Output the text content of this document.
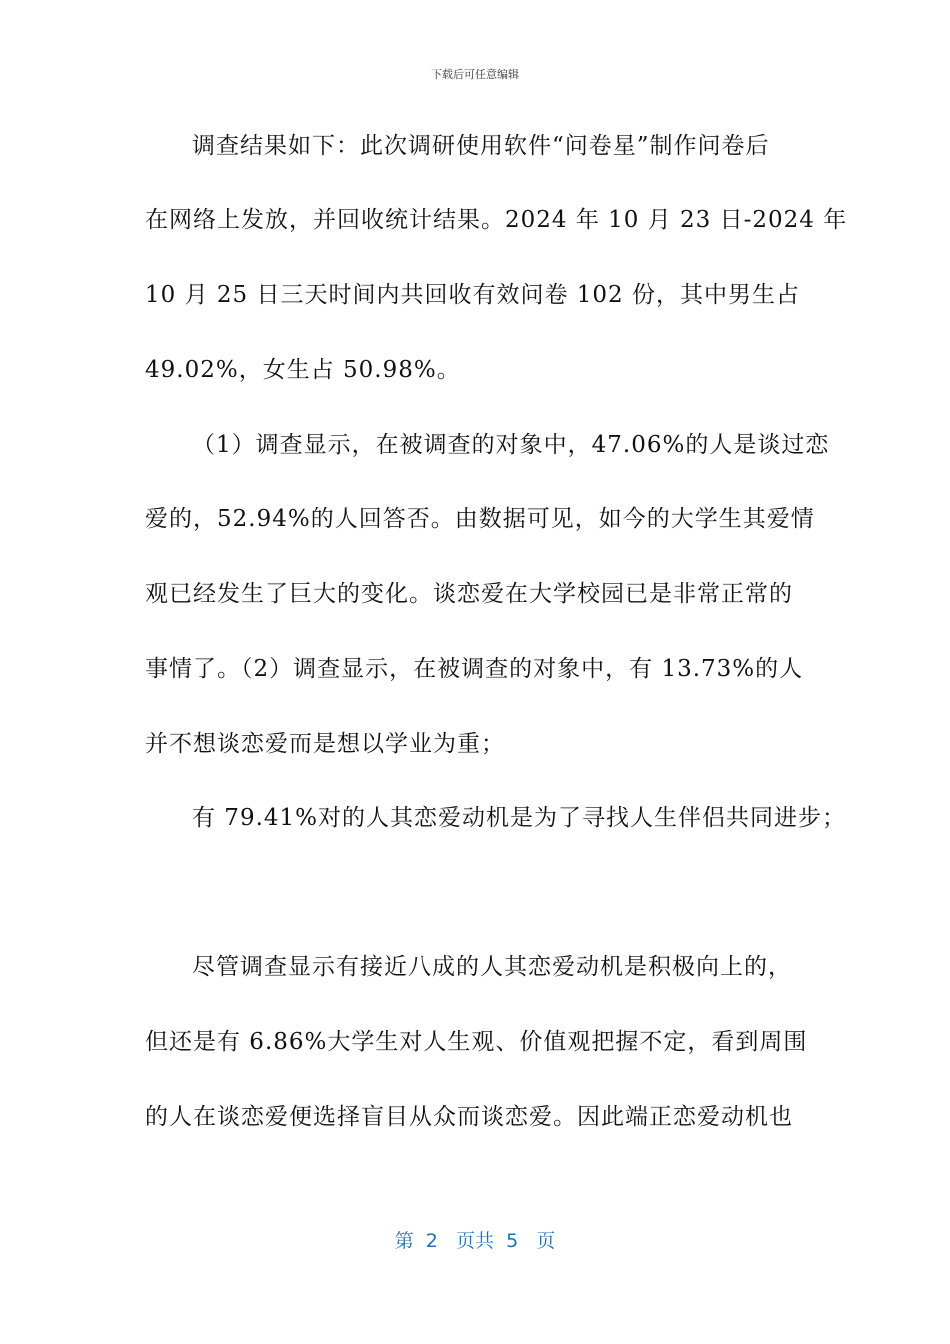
下载后可任意编辑
调查结果如下：此次调研使用软件“问卷星”制作问卷后
在网络上发放，并回收统计结果。2024 年 10 月 23 日-2024 年
10 月 25 日三天时间内共回收有效问卷 102 份，其中男生占
49.02%，女生占 50.98%。
（1）调查显示，在被调查的对象中，47.06%的人是谈过恋
爱的，52.94%的人回答否。由数据可见，如今的大学生其爱情
观已经发生了巨大的变化。谈恋爱在大学校园已是非常正常的
事情了。（2）调查显示，在被调查的对象中，有 13.73%的人
并不想谈恋爱而是想以学业为重；
有 79.41%对的人其恋爱动机是为了寻找人生伴侣共同进步；
尽管调查显示有接近八成的人其恋爱动机是积极向上的，
但还是有 6.86%大学生对人生观、价值观把握不定，看到周围
的人在谈恋爱便选择盲目从众而谈恋爱。因此端正恋爱动机也
第  2   页共  5   页
